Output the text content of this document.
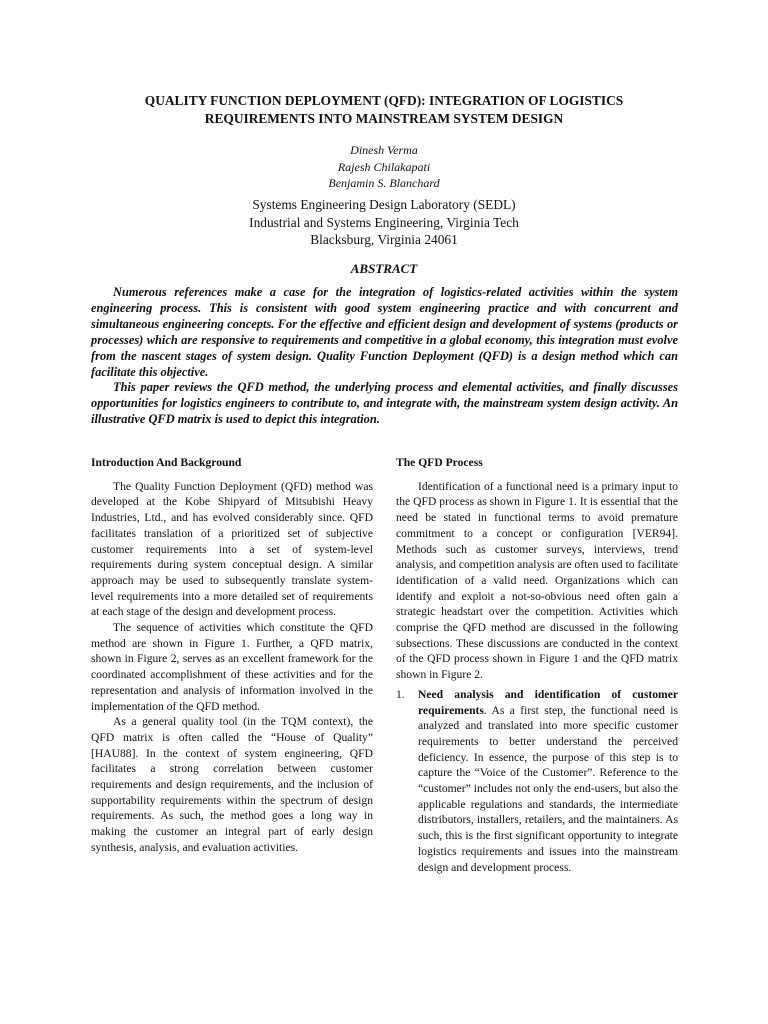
QUALITY FUNCTION DEPLOYMENT (QFD): INTEGRATION OF LOGISTICS
REQUIREMENTS INTO MAINSTREAM SYSTEM DESIGN
Dinesh Verma
Rajesh Chilakapati
Benjamin S. Blanchard
Systems Engineering Design Laboratory (SEDL)
Industrial and Systems Engineering, Virginia Tech
Blacksburg, Virginia 24061
ABSTRACT

Numerous references make a case for the integration of logistics-related activities within the system engineering process. This is consistent with good system engineering practice and with concurrent and simultaneous engineering concepts. For the effective and efficient design and development of systems (products or processes) which are responsive to requirements and competitive in a global economy, this integration must evolve from the nascent stages of system design. Quality Function Deployment (QFD) is a design method which can facilitate this objective.

This paper reviews the QFD method, the underlying process and elemental activities, and finally discusses opportunities for logistics engineers to contribute to, and integrate with, the mainstream system design activity. An illustrative QFD matrix is used to depict this integration.

Introduction And Background

The Quality Function Deployment (QFD) method was developed at the Kobe Shipyard of Mitsubishi Heavy Industries, Ltd., and has evolved considerably since. QFD facilitates translation of a prioritized set of subjective customer requirements into a set of system-level requirements during system conceptual design. A similar approach may be used to subsequently translate system-level requirements into a more detailed set of requirements at each stage of the design and development process.

The sequence of activities which constitute the QFD method are shown in Figure 1. Further, a QFD matrix, shown in Figure 2, serves as an excellent framework for the coordinated accomplishment of these activities and for the representation and analysis of information involved in the implementation of the QFD method.

As a general quality tool (in the TQM context), the QFD matrix is often called the “House of Quality” [HAU88]. In the context of system engineering, QFD facilitates a strong correlation between customer requirements and design requirements, and the inclusion of supportability requirements within the spectrum of design requirements. As such, the method goes a long way in making the customer an integral part of early design synthesis, analysis, and evaluation activities.

The QFD Process

Identification of a functional need is a primary input to the QFD process as shown in Figure 1. It is essential that the need be stated in functional terms to avoid premature commitment to a concept or configuration [VER94]. Methods such as customer surveys, interviews, trend analysis, and competition analysis are often used to facilitate identification of a valid need. Organizations which can identify and exploit a not-so-obvious need often gain a strategic headstart over the competition. Activities which comprise the QFD method are discussed in the following subsections. These discussions are conducted in the context of the QFD process shown in Figure 1 and the QFD matrix shown in Figure 2.

1. Need analysis and identification of customer requirements. As a first step, the functional need is analyzed and translated into more specific customer requirements to better understand the perceived deficiency. In essence, the purpose of this step is to capture the “Voice of the Customer”. Reference to the “customer” includes not only the end-users, but also the applicable regulations and standards, the intermediate distributors, installers, retailers, and the maintainers. As such, this is the first significant opportunity to integrate logistics requirements and issues into the mainstream design and development process.
